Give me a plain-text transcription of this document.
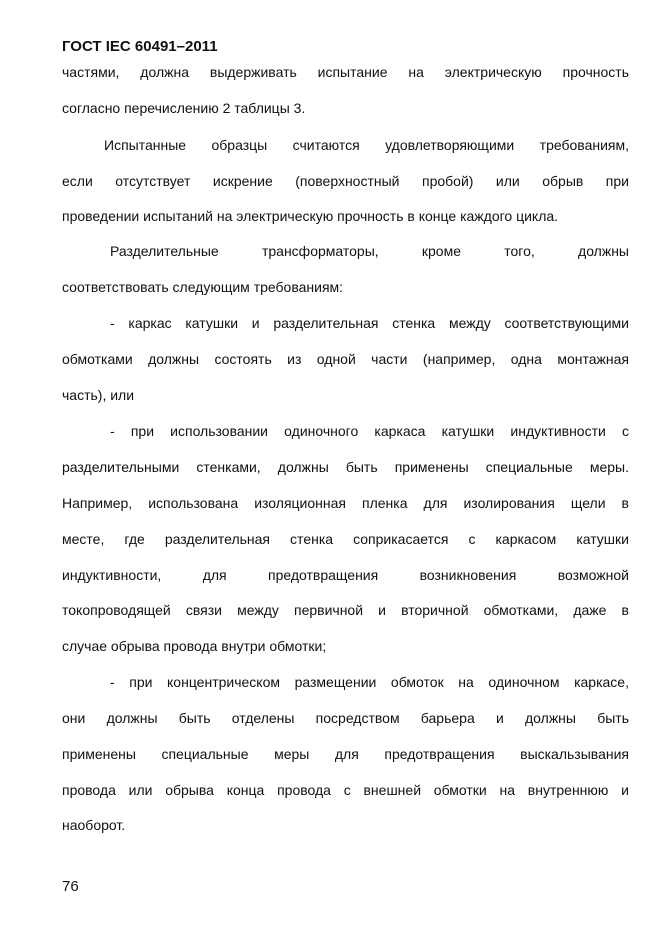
ГОСТ IEC 60491–2011
частями, должна выдерживать испытание на электрическую прочность
согласно перечислению 2 таблицы 3.
Испытанные образцы считаются удовлетворяющими требованиям,
если отсутствует искрение (поверхностный пробой) или обрыв при
проведении испытаний на электрическую прочность в конце каждого цикла.
Разделительные трансформаторы, кроме того, должны
соответствовать следующим требованиям:
- каркас катушки и разделительная стенка между соответствующими
обмотками должны состоять из одной части (например, одна монтажная
часть), или
- при использовании одиночного каркаса катушки индуктивности с
разделительными стенками, должны быть применены специальные меры.
Например, использована изоляционная пленка для изолирования щели в
месте, где разделительная стенка соприкасается с каркасом катушки
индуктивности, для предотвращения возникновения возможной
токопроводящей связи между первичной и вторичной обмотками, даже в
случае обрыва провода внутри обмотки;
- при концентрическом размещении обмоток на одиночном каркасе,
они должны быть отделены посредством барьера и должны быть
применены специальные меры для предотвращения выскальзывания
провода или обрыва конца провода с внешней обмотки на внутреннюю и
наоборот.
76
